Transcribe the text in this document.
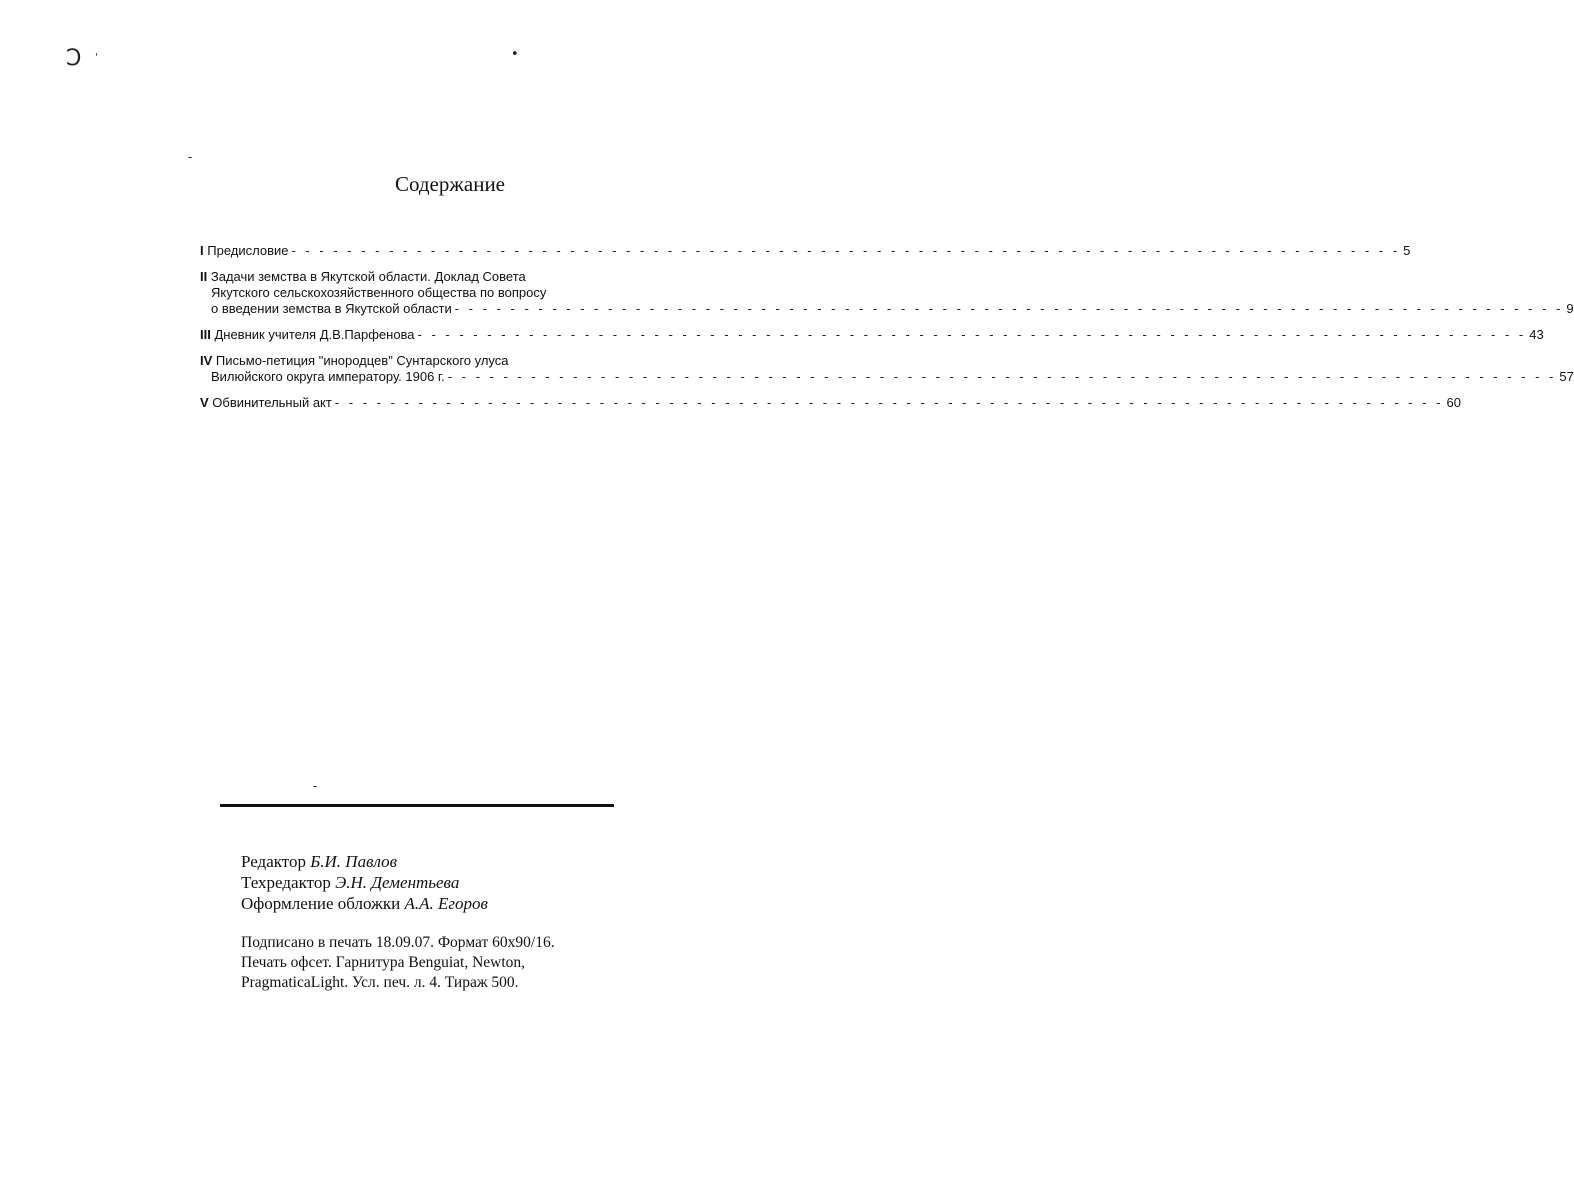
Ͻ '	•
-
-
Содержание
I Предисловие - - - - - - - - - - - - - - - - - - - - - - - - - - - - - - - - - - - - - - - - - - - - - - - - - - - - - - - - - - - - - - - - - - - - - - - - - - - - - - - - 5
II Задачи земства в Якутской области. Доклад Совета
Якутского сельскохозяйственного общества по вопросу
о введении земства в Якутской области - - - - - - - - - - - - - - - - - - - - - - - - - - - - - - - - - - - - - - - - - - - - - - - - - - - - - - - - - - - - - - - - - - - - - - - - - - - - - - - - 9
III Дневник учителя Д.В.Парфенова - - - - - - - - - - - - - - - - - - - - - - - - - - - - - - - - - - - - - - - - - - - - - - - - - - - - - - - - - - - - - - - - - - - - - - - - - - - - - - - - 43
IV Письмо-петиция "инородцев" Сунтарского улуса
Вилюйского округа императору. 1906 г. - - - - - - - - - - - - - - - - - - - - - - - - - - - - - - - - - - - - - - - - - - - - - - - - - - - - - - - - - - - - - - - - - - - - - - - - - - - - - - - - 57
V Обвинительный акт - - - - - - - - - - - - - - - - - - - - - - - - - - - - - - - - - - - - - - - - - - - - - - - - - - - - - - - - - - - - - - - - - - - - - - - - - - - - - - - - 60
Редактор Б.И. Павлов
Техредактор Э.Н. Дементьева
Оформление обложки А.А. Егоров
Подписано в печать 18.09.07. Формат 60х90/16.
Печать офсет. Гарнитура Benguiat, Newton,
PragmaticaLight. Усл. печ. л. 4. Тираж 500.
